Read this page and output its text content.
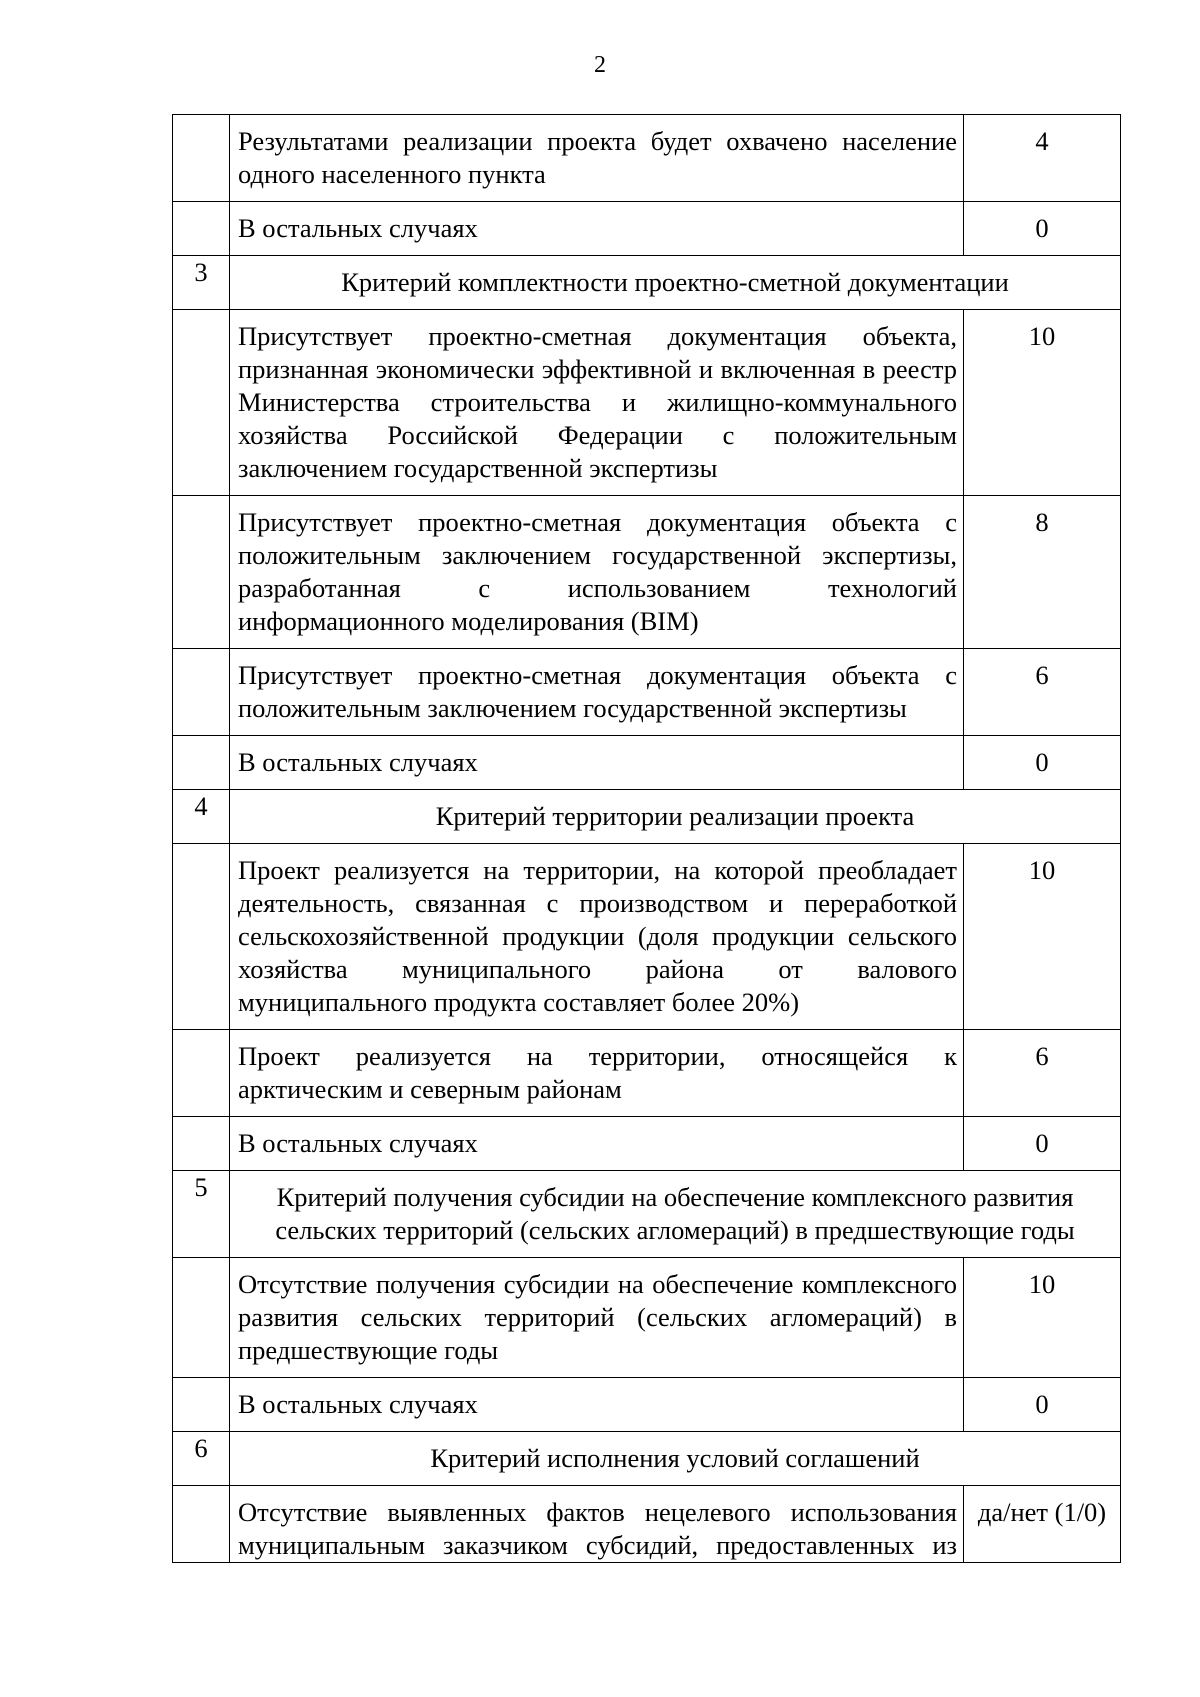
2
	Результатами реализации проекта будет охвачено население одного населенного пункта	4
	В остальных случаях	0
3	Критерий комплектности проектно-сметной документации	
	Присутствует проектно-сметная документация объекта, признанная экономически эффективной и включенная в реестр Министерства строительства и жилищно-коммунального хозяйства Российской Федерации с положительным заключением государственной экспертизы	10
	Присутствует проектно-сметная документация объекта с положительным заключением государственной экспертизы, разработанная с использованием технологий информационного моделирования (BIM)	8
	Присутствует проектно-сметная документация объекта с положительным заключением государственной экспертизы	6
	В остальных случаях	0
4	Критерий территории реализации проекта	
	Проект реализуется на территории, на которой преобладает деятельность, связанная с производством и переработкой сельскохозяйственной продукции (доля продукции сельского хозяйства муниципального района от валового муниципального продукта составляет более 20%)	10
	Проект реализуется на территории, относящейся к арктическим и северным районам	6
	В остальных случаях	0
5	Критерий получения субсидии на обеспечение комплексного развития сельских территорий (сельских агломераций) в предшествующие годы	
	Отсутствие получения субсидии на обеспечение комплексного развития сельских территорий (сельских агломераций) в предшествующие годы	10
	В остальных случаях	0
6	Критерий исполнения условий соглашений	
	Отсутствие выявленных фактов нецелевого использования муниципальным заказчиком субсидий, предоставленных из	да/нет (1/0)
